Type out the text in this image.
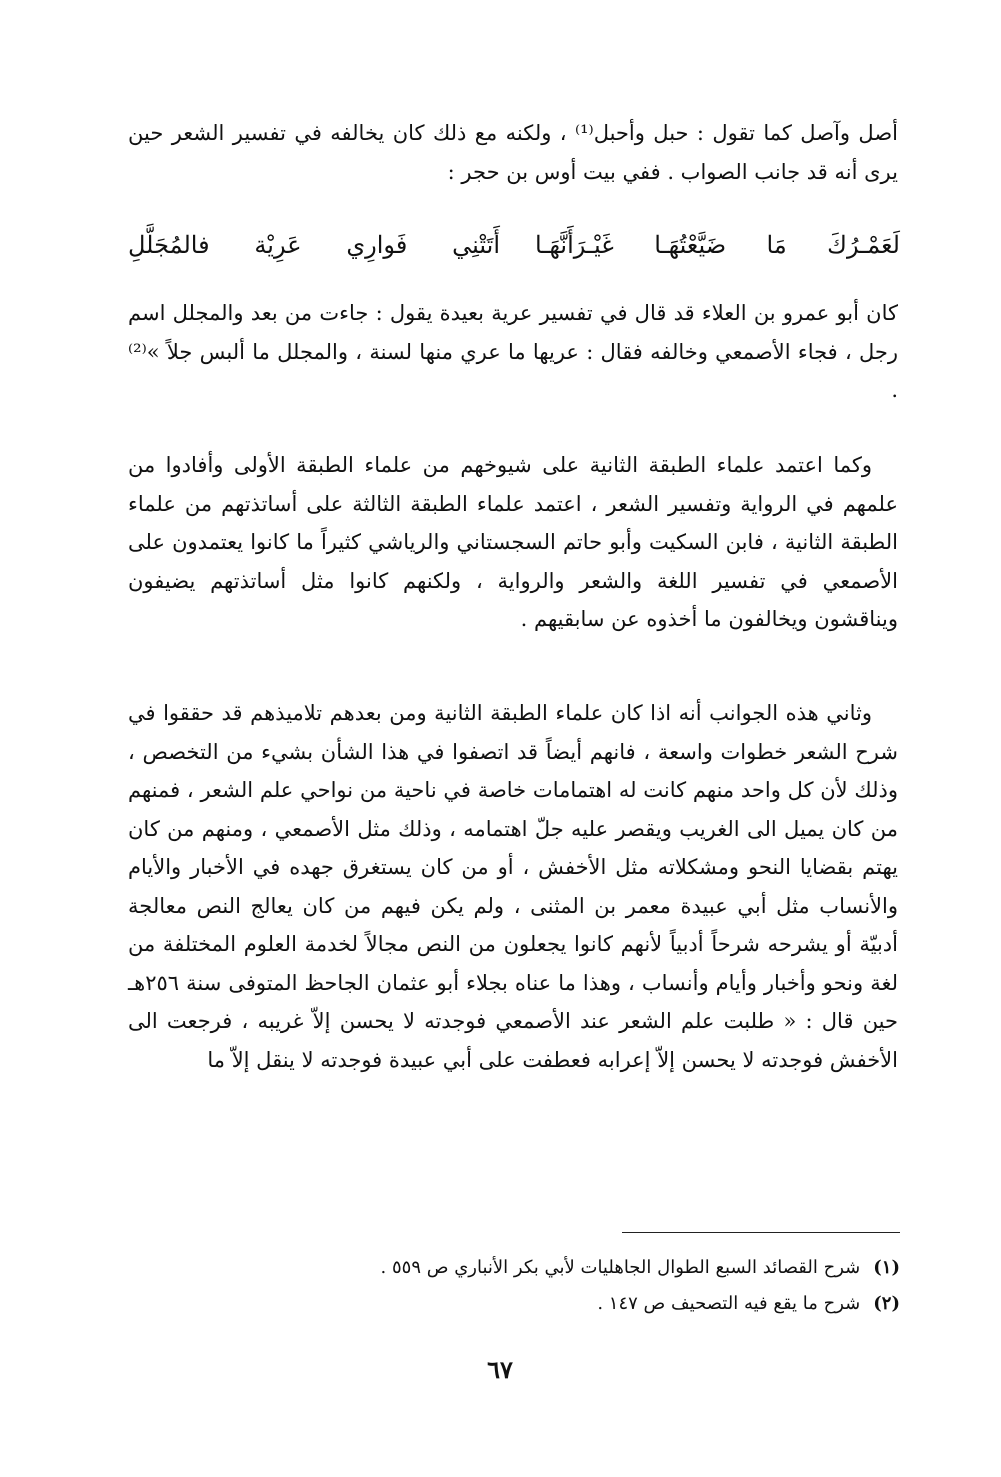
أصل وآصل كما تقول : حبل وأحبل⁽¹⁾ ، ولكنه مع ذلك كان يخالفه في تفسير الشعر حين يرى أنه قد جانب الصواب . ففي بيت أوس بن حجر :

لَعَمْـرُكَ مَا ضَيَّعْتُهَـا غَيْـرَأَنَّهَـا
أَتَتْنِي فَوارِي عَرِيْة فالمُجَلَّلِ

كان أبو عمرو بن العلاء قد قال في تفسير عرية بعيدة يقول : جاءت من بعد والمجلل اسم رجل ، فجاء الأصمعي وخالفه فقال : عريها ما عري منها لسنة ، والمجلل ما ألبس جلاً »⁽²⁾ .

وكما اعتمد علماء الطبقة الثانية على شيوخهم من علماء الطبقة الأولى وأفادوا من علمهم في الرواية وتفسير الشعر ، اعتمد علماء الطبقة الثالثة على أساتذتهم من علماء الطبقة الثانية ، فابن السكيت وأبو حاتم السجستاني والرياشي كثيراً ما كانوا يعتمدون على الأصمعي في تفسير اللغة والشعر والرواية ، ولكنهم كانوا مثل أساتذتهم يضيفون ويناقشون ويخالفون ما أخذوه عن سابقيهم .

وثاني هذه الجوانب أنه اذا كان علماء الطبقة الثانية ومن بعدهم تلاميذهم قد حققوا في شرح الشعر خطوات واسعة ، فانهم أيضاً قد اتصفوا في هذا الشأن بشيء من التخصص ، وذلك لأن كل واحد منهم كانت له اهتمامات خاصة في ناحية من نواحي علم الشعر ، فمنهم من كان يميل الى الغريب ويقصر عليه جلّ اهتمامه ، وذلك مثل الأصمعي ، ومنهم من كان يهتم بقضايا النحو ومشكلاته مثل الأخفش ، أو من كان يستغرق جهده في الأخبار والأيام والأنساب مثل أبي عبيدة معمر بن المثنى ، ولم يكن فيهم من كان يعالج النص معالجة أدبيّة أو يشرحه شرحاً أدبياً لأنهم كانوا يجعلون من النص مجالاً لخدمة العلوم المختلفة من لغة ونحو وأخبار وأيام وأنساب ، وهذا ما عناه بجلاء أبو عثمان الجاحظ المتوفى سنة ٢٥٦هـ حين قال : « طلبت علم الشعر عند الأصمعي فوجدته لا يحسن إلاّ غريبه ، فرجعت الى الأخفش فوجدته لا يحسن إلاّ إعرابه فعطفت على أبي عبيدة فوجدته لا ينقل إلاّ ما

(١) شرح القصائد السبع الطوال الجاهليات لأبي بكر الأنباري ص ٥٥٩ .

(٢) شرح ما يقع فيه التصحيف ص ١٤٧ .

٦٧
